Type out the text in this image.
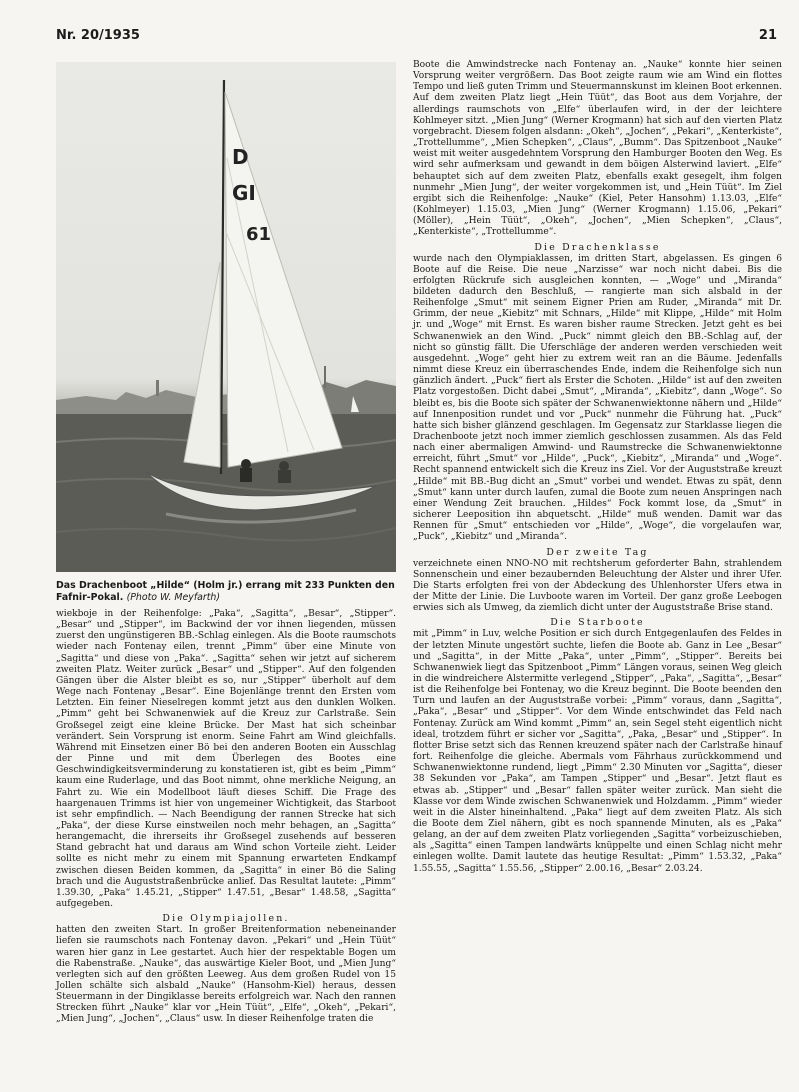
Nr. 20/1935	21
D
GI
61
Das Drachenboot „Hilde“ (Holm jr.) errang mit 233 Punkten den Fafnir-Pokal. (Photo W. Meyfarth)

wiekboje in der Reihenfolge: „Paka“, „Sagitta“, „Besar“, „Stipper“. „Besar“ und „Stipper“, im Backwind der vor ihnen liegenden, müssen zuerst den ungünstigeren BB.-Schlag einlegen. Als die Boote raumschots wieder nach Fontenay eilen, trennt „Pimm“ über eine Minute von „Sagitta“ und diese von „Paka“. „Sagitta“ sehen wir jetzt auf sicherem zweiten Platz. Weiter zurück „Besar“ und „Stipper“. Auf den folgenden Gängen über die Alster bleibt es so, nur „Stipper“ überholt auf dem Wege nach Fontenay „Besar“. Eine Bojenlänge trennt den Ersten vom Letzten. Ein feiner Nieselregen kommt jetzt aus den dunklen Wolken. „Pimm“ geht bei Schwanenwiek auf die Kreuz zur Carlstraße. Sein Großsegel zeigt eine kleine Brücke. Der Mast hat sich scheinbar verändert. Sein Vorsprung ist enorm. Seine Fahrt am Wind gleichfalls. Während mit Einsetzen einer Bö bei den anderen Booten ein Ausschlag der Pinne und mit dem Überlegen des Bootes eine Geschwindigkeitsverminderung zu konstatieren ist, gibt es beim „Pimm“ kaum eine Ruderlage, und das Boot nimmt, ohne merkliche Neigung, an Fahrt zu. Wie ein Modellboot läuft dieses Schiff. Die Frage des haargenauen Trimms ist hier von ungemeiner Wichtigkeit, das Starboot ist sehr empfindlich. — Nach Beendigung der rannen Strecke hat sich „Paka“, der diese Kurse einstweilen noch mehr behagen, an „Sagitta“ herangemacht, die ihrerseits ihr Großsegel zusehends auf besseren Stand gebracht hat und daraus am Wind schon Vorteile zieht. Leider sollte es nicht mehr zu einem mit Spannung erwarteten Endkampf zwischen diesen Beiden kommen, da „Sagitta“ in einer Bö die Saling brach und die Auguststraßenbrücke anlief. Das Resultat lautete: „Pimm“ 1.39.30, „Paka“ 1.45.21, „Stipper“ 1.47.51, „Besar“ 1.48.58, „Sagitta“ aufgegeben.

Die Olympiajollen.

hatten den zweiten Start. In großer Breitenformation nebeneinander liefen sie raumschots nach Fontenay davon. „Pekari“ und „Hein Tüüt“ waren hier ganz in Lee gestartet. Auch hier der respektable Bogen um die Rabenstraße. „Nauke“, das auswärtige Kieler Boot, und „Mien Jung“ verlegten sich auf den größten Leeweg. Aus dem großen Rudel von 15 Jollen schälte sich alsbald „Nauke“ (Hansohm-Kiel) heraus, dessen Steuermann in der Dingiklasse bereits erfolgreich war. Nach den rannen Strecken führt „Nauke“ klar vor „Hein Tüüt“, „Elfe“, „Okeh“, „Pekari“, „Mien Jung“, „Jochen“, „Claus“ usw. In dieser Reihenfolge traten die

Boote die Amwindstrecke nach Fontenay an. „Nauke“ konnte hier seinen Vorsprung weiter vergrößern. Das Boot zeigte raum wie am Wind ein flottes Tempo und ließ guten Trimm und Steuermannskunst im kleinen Boot erkennen. Auf dem zweiten Platz liegt „Hein Tüüt“, das Boot aus dem Vorjahre, der allerdings raumschots von „Elfe“ überlaufen wird, in der der leichtere Kohlmeyer sitzt. „Mien Jung“ (Werner Krogmann) hat sich auf den vierten Platz vorgebracht. Diesem folgen alsdann: „Okeh“, „Jochen“, „Pekari“, „Kenterkiste“, „Trottellumme“, „Mien Schepken“, „Claus“, „Bumm“. Das Spitzenboot „Nauke“ weist mit weiter ausgedehntem Vorsprung den Hamburger Booten den Weg. Es wird sehr aufmerksam und gewandt in dem böigen Alsterwind laviert. „Elfe“ behauptet sich auf dem zweiten Platz, ebenfalls exakt gesegelt, ihm folgen nunmehr „Mien Jung“, der weiter vorgekommen ist, und „Hein Tüüt“. Im Ziel ergibt sich die Reihenfolge: „Nauke“ (Kiel, Peter Hansohm) 1.13.03, „Elfe“ (Kohlmeyer) 1.15.03, „Mien Jung“ (Werner Krogmann) 1.15.06, „Pekari“ (Möller), „Hein Tüüt“, „Okeh“, „Jochen“, „Mien Schepken“, „Claus“, „Kenterkiste“, „Trottellumme“.

Die Drachenklasse

wurde nach den Olympiaklassen, im dritten Start, abgelassen. Es gingen 6 Boote auf die Reise. Die neue „Narzisse“ war noch nicht dabei. Bis die erfolgten Rückrufe sich ausgleichen konnten, — „Woge“ und „Miranda“ bildeten dadurch den Beschluß, — rangierte man sich alsbald in der Reihenfolge „Smut“ mit seinem Eigner Prien am Ruder, „Miranda“ mit Dr. Grimm, der neue „Kiebitz“ mit Schnars, „Hilde“ mit Klippe, „Hilde“ mit Holm jr. und „Woge“ mit Ernst. Es waren bisher raume Strecken. Jetzt geht es bei Schwanenwiek an den Wind. „Puck“ nimmt gleich den BB.-Schlag auf, der nicht so günstig fällt. Die Uferschläge der anderen werden verschieden weit ausgedehnt. „Woge“ geht hier zu extrem weit ran an die Bäume. Jedenfalls nimmt diese Kreuz ein überraschendes Ende, indem die Reihenfolge sich nun gänzlich ändert. „Puck“ fiert als Erster die Schoten. „Hilde“ ist auf den zweiten Platz vorgestoßen. Dicht dabei „Smut“, „Miranda“, „Kiebitz“, dann „Woge“. So bleibt es, bis die Boote sich später der Schwanenwiektonne nähern und „Hilde“ auf Innenposition rundet und vor „Puck“ nunmehr die Führung hat. „Puck“ hatte sich bisher glänzend geschlagen. Im Gegensatz zur Starklasse liegen die Drachenboote jetzt noch immer ziemlich geschlossen zusammen. Als das Feld nach einer abermaligen Amwind- und Raumstrecke die Schwanenwiektonne erreicht, führt „Smut“ vor „Hilde“, „Puck“, „Kiebitz“, „Miranda“ und „Woge“. Recht spannend entwickelt sich die Kreuz ins Ziel. Vor der Auguststraße kreuzt „Hilde“ mit BB.-Bug dicht an „Smut“ vorbei und wendet. Etwas zu spät, denn „Smut“ kann unter durch laufen, zumal die Boote zum neuen Anspringen nach einer Wendung Zeit brauchen. „Hildes“ Fock kommt lose, da „Smut“ in sicherer Leeposition ihn abquetscht. „Hilde“ muß wenden. Damit war das Rennen für „Smut“ entschieden vor „Hilde“, „Woge“, die vorgelaufen war, „Puck“, „Kiebitz“ und „Miranda“.

Der zweite Tag

verzeichnete einen NNO-NO mit rechtsherum geforderter Bahn, strahlendem Sonnenschein und einer bezaubernden Beleuchtung der Alster und ihrer Ufer. Die Starts erfolgten frei von der Abdeckung des Uhlenhorster Ufers etwa in der Mitte der Linie. Die Luvboote waren im Vorteil. Der ganz große Leebogen erwies sich als Umweg, da ziemlich dicht unter der Auguststraße Brise stand.

Die Starboote

mit „Pimm“ in Luv, welche Position er sich durch Entgegenlaufen des Feldes in der letzten Minute ungestört suchte, liefen die Boote ab. Ganz in Lee „Besar“ und „Sagitta“, in der Mitte „Paka“, unter „Pimm“, „Stipper“. Bereits bei Schwanenwiek liegt das Spitzenboot „Pimm“ Längen voraus, seinen Weg gleich in die windreichere Alstermitte verlegend „Stipper“, „Paka“, „Sagitta“, „Besar“ ist die Reihenfolge bei Fontenay, wo die Kreuz beginnt. Die Boote beenden den Turn und laufen an der Auguststraße vorbei: „Pimm“ voraus, dann „Sagitta“, „Paka“, „Besar“ und „Stipper“. Vor dem Winde entschwindet das Feld nach Fontenay. Zurück am Wind kommt „Pimm“ an, sein Segel steht eigentlich nicht ideal, trotzdem führt er sicher vor „Sagitta“, „Paka, „Besar“ und „Stipper“. In flotter Brise setzt sich das Rennen kreuzend später nach der Carlstraße hinauf fort. Reihenfolge die gleiche. Abermals vom Fährhaus zurückkommend und Schwanenwiektonne rundend, liegt „Pimm“ 2.30 Minuten vor „Sagitta“, dieser 38 Sekunden vor „Paka“, am Tampen „Stipper“ und „Besar“. Jetzt flaut es etwas ab. „Stipper“ und „Besar“ fallen später weiter zurück. Man sieht die Klasse vor dem Winde zwischen Schwanenwiek und Holzdamm. „Pimm“ wieder weit in die Alster hineinhaltend. „Paka“ liegt auf dem zweiten Platz. Als sich die Boote dem Ziel nähern, gibt es noch spannende Minuten, als es „Paka“ gelang, an der auf dem zweiten Platz vorliegenden „Sagitta“ vorbeizuschieben, als „Sagitta“ einen Tampen landwärts knüppelte und einen Schlag nicht mehr einlegen wollte. Damit lautete das heutige Resultat: „Pimm“ 1.53.32, „Paka“ 1.55.55, „Sagitta“ 1.55.56, „Stipper“ 2.00.16, „Besar“ 2.03.24.
